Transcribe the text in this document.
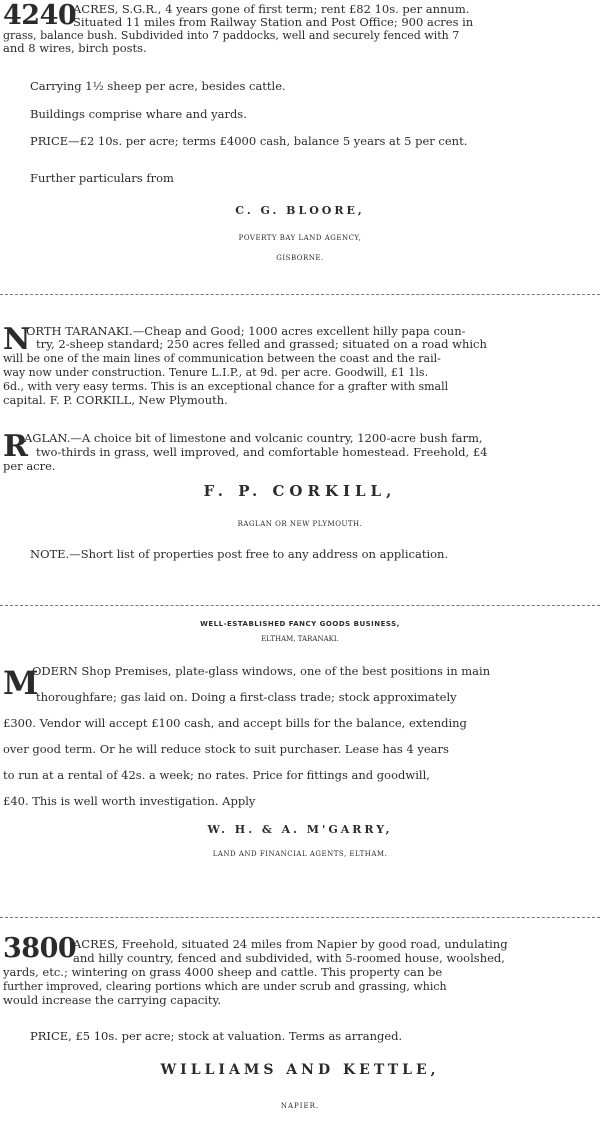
4240
ACRES, S.G.R., 4 years gone of first term; rent £82 10s. per annum.
Situated 11 miles from Railway Station and Post Office; 900 acres in
grass, balance bush. Subdivided into 7 paddocks, well and securely fenced with 7
and 8 wires, birch posts.
Carrying 1½ sheep per acre, besides cattle.
Buildings comprise whare and yards.
PRICE—£2 10s. per acre; terms £4000 cash, balance 5 years at 5 per cent.
Further particulars from
C. G. BLOORE,
POVERTY BAY LAND AGENCY,
GISBORNE.
N
ORTH TARANAKI.—Cheap and Good; 1000 acres excellent hilly papa coun-
try, 2-sheep standard; 250 acres felled and grassed; situated on a road which
will be one of the main lines of communication between the coast and the rail-
way now under construction. Tenure L.I.P., at 9d. per acre. Goodwill, £1 1ls.
6d., with very easy terms. This is an exceptional chance for a grafter with small
capital. F. P. CORKILL, New Plymouth.
R
AGLAN.—A choice bit of limestone and volcanic country, 1200-acre bush farm,
two-thirds in grass, well improved, and comfortable homestead. Freehold, £4
per acre.
F. P. CORKILL,
RAGLAN OR NEW PLYMOUTH.
NOTE.—Short list of properties post free to any address on application.
WELL-ESTABLISHED FANCY GOODS BUSINESS,
ELTHAM, TARANAKI.
M
ODERN Shop Premises, plate-glass windows, one of the best positions in main
thoroughfare; gas laid on. Doing a first-class trade; stock approximately
£300. Vendor will accept £100 cash, and accept bills for the balance, extending
over good term. Or he will reduce stock to suit purchaser. Lease has 4 years
to run at a rental of 42s. a week; no rates. Price for fittings and goodwill,
£40. This is well worth investigation. Apply
W. H. & A. M'GARRY,
LAND AND FINANCIAL AGENTS, ELTHAM.
3800
ACRES, Freehold, situated 24 miles from Napier by good road, undulating
and hilly country, fenced and subdivided, with 5-roomed house, woolshed,
yards, etc.; wintering on grass 4000 sheep and cattle. This property can be
further improved, clearing portions which are under scrub and grassing, which
would increase the carrying capacity.
PRICE, £5 10s. per acre; stock at valuation. Terms as arranged.
WILLIAMS AND KETTLE,
NAPIER.
